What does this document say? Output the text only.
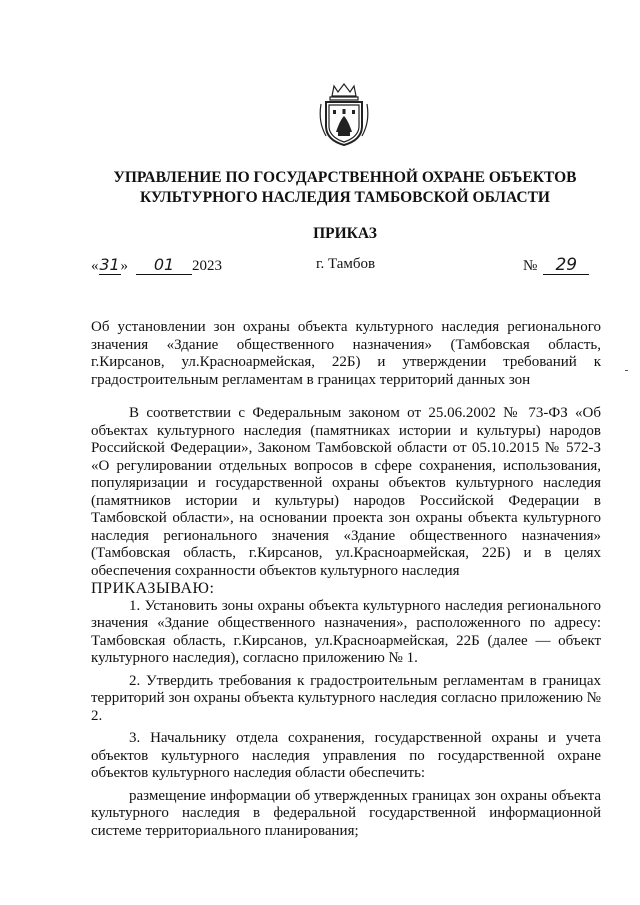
УПРАВЛЕНИЕ ПО ГОСУДАРСТВЕННОЙ ОХРАНЕ ОБЪЕКТОВ
КУЛЬТУРНОГО НАСЛЕДИЯ ТАМБОВСКОЙ ОБЛАСТИ
ПРИКАЗ
«31» 01 2023	г. Тамбов	№ 29
Об установлении зон охраны объекта культурного наследия регионального значения «Здание общественного назначения» (Тамбовская область, г.Кирсанов, ул.Красноармейская, 22Б) и утверждении требований к градостроительным регламентам в границах территорий данных зон

В соответствии с Федеральным законом от 25.06.2002 № 73-ФЗ «Об объектах культурного наследия (памятниках истории и культуры) народов Российской Федерации», Законом Тамбовской области от 05.10.2015 № 572-З «О регулировании отдельных вопросов в сфере сохранения, использования, популяризации и государственной охраны объектов культурного наследия (памятников истории и культуры) народов Российской Федерации в Тамбовской области», на основании проекта зон охраны объекта культурного наследия регионального значения «Здание общественного назначения» (Тамбовская область, г.Кирсанов, ул.Красноармейская, 22Б) и в целях обеспечения сохранности объектов культурного наследия

ПРИКАЗЫВАЮ:

1. Установить зоны охраны объекта культурного наследия регионального значения «Здание общественного назначения», расположенного по адресу: Тамбовская область, г.Кирсанов, ул.Красноармейская, 22Б (далее — объект культурного наследия), согласно приложению № 1.

2. Утвердить требования к градостроительным регламентам в границах территорий зон охраны объекта культурного наследия согласно приложению № 2.

3. Начальнику отдела сохранения, государственной охраны и учета объектов культурного наследия управления по государственной охране объектов культурного наследия области обеспечить:

размещение информации об утвержденных границах зон охраны объекта культурного наследия в федеральной государственной информационной системе территориального планирования;
